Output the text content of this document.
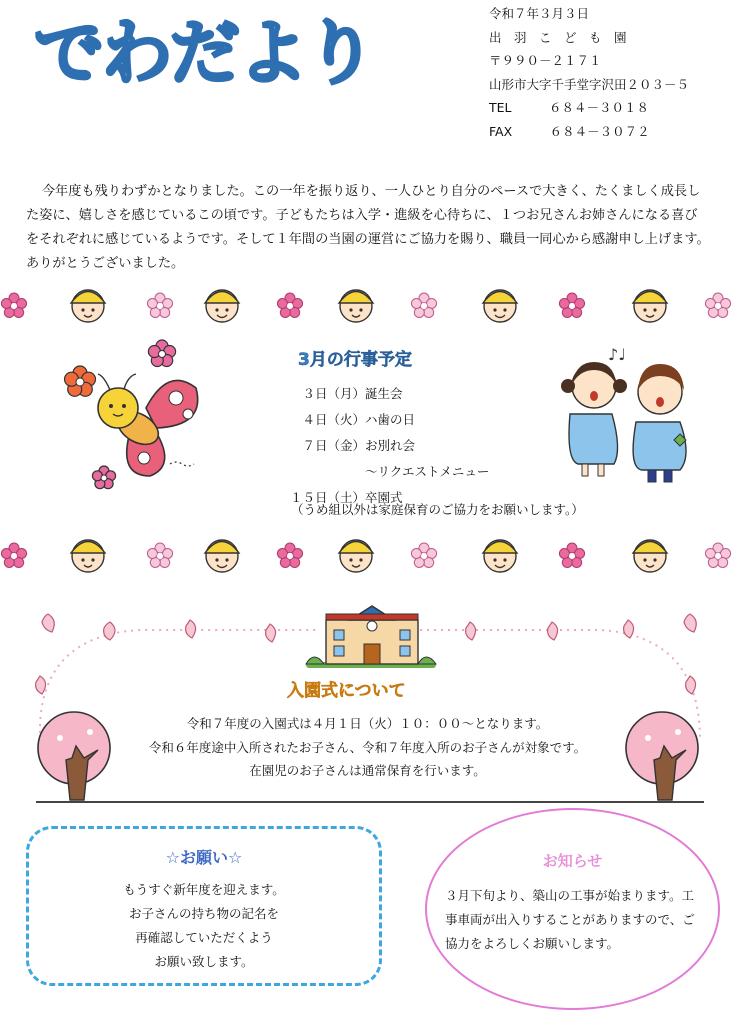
でわだより	令和７年３月３日
出　羽　こ　ど　も　園
〒９９０－２１７１
山形市大字千手堂字沢田２０３－５
TEL　　　６８４－３０１８
FAX　　　６８４－３０７２
今年度も残りわずかとなりました。この一年を振り返り、一人ひとり自分のペースで大きく、たくましく成長した姿に、嬉しさを感じているこの頃です。子どもたちは入学・進級を心待ちに、１つお兄さんお姉さんになる喜びをそれぞれに感じているようです。そして１年間の当園の運営にご協力を賜り、職員一同心から感謝申し上げます。ありがとうございました。
3月の行事予定
　３日（月）誕生会
　４日（火）ハ歯の日
　７日（金）お別れ会
　　　　　　～リクエストメニュー
１５日（土）卒園式
（うめ組以外は家庭保育のご協力をお願いします。）
♪♩
入園式について
令和７年度の入園式は４月１日（火）１０：００～となります。
令和６年度途中入所されたお子さん、令和７年度入所のお子さんが対象です。
在園児のお子さんは通常保育を行います。
☆お願い☆
もうすぐ新年度を迎えます。
お子さんの持ち物の記名を
再確認していただくよう
お願い致します。
お知らせ
３月下旬より、築山の工事が始まります。工事車両が出入りすることがありますので、ご協力をよろしくお願いします。
